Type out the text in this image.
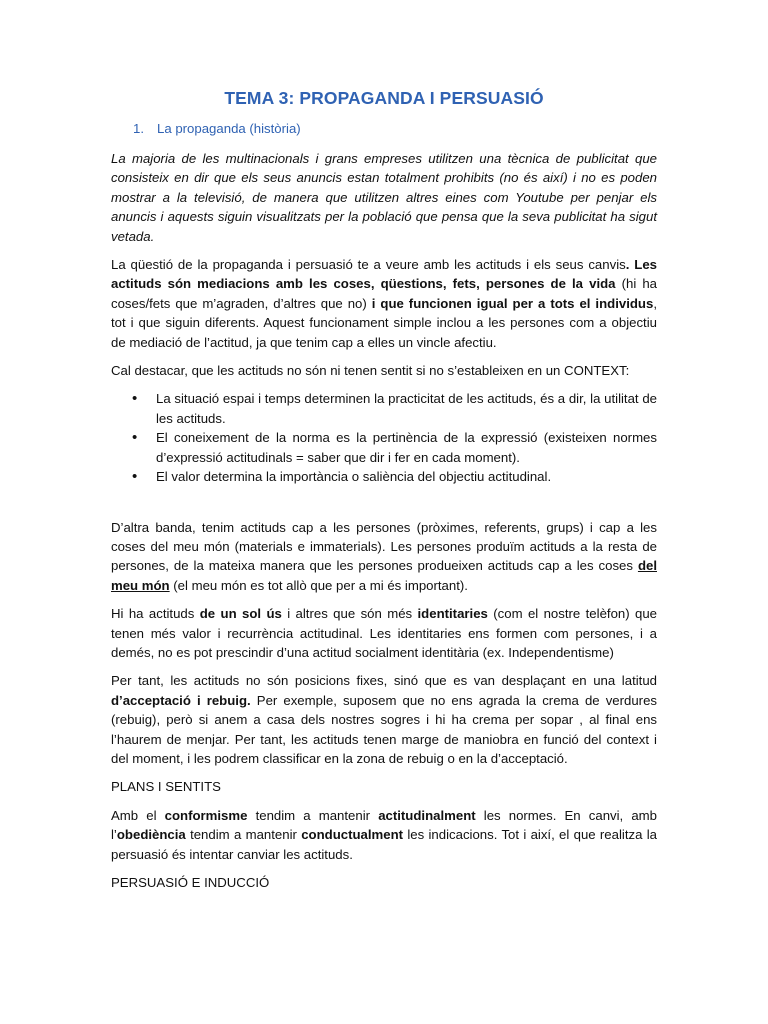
TEMA 3: PROPAGANDA I PERSUASIÓ
1. La propaganda (història)

La majoria de les multinacionals i grans empreses utilitzen una tècnica de publicitat que consisteix en dir que els seus anuncis estan totalment prohibits (no és així) i no es poden mostrar a la televisió, de manera que utilitzen altres eines com Youtube per penjar els anuncis i aquests siguin visualitzats per la població que pensa que la seva publicitat ha sigut vetada.

La qüestió de la propaganda i persuasió te a veure amb les actituds i els seus canvis. Les actituds són mediacions amb les coses, qüestions, fets, persones de la vida (hi ha coses/fets que m’agraden, d’altres que no) i que funcionen igual per a tots el individus, tot i que siguin diferents. Aquest funcionament simple inclou a les persones com a objectiu de mediació de l’actitud, ja que tenim cap a elles un vincle afectiu.

Cal destacar, que les actituds no són ni tenen sentit si no s’estableixen en un CONTEXT:

• La situació espai i temps determinen la practicitat de les actituds, és a dir, la utilitat de les actituds.
• El coneixement de la norma es la pertinència de la expressió (existeixen normes d’expressió actitudinals = saber que dir i fer en cada moment).
• El valor determina la importància o saliència del objectiu actitudinal.

D’altra banda, tenim actituds cap a les persones (pròximes, referents, grups) i cap a les coses del meu món (materials e immaterials). Les persones produïm actituds a la resta de persones, de la mateixa manera que les persones produeixen actituds cap a les coses del meu món (el meu món es tot allò que per a mi és important).

Hi ha actituds de un sol ús i altres que són més identitaries (com el nostre telèfon) que tenen més valor i recurrència actitudinal. Les identitaries ens formen com persones, i a demés, no es pot prescindir d’una actitud socialment identitària (ex. Independentisme)

Per tant, les actituds no són posicions fixes, sinó que es van desplaçant en una latitud d’acceptació i rebuig. Per exemple, suposem que no ens agrada la crema de verdures (rebuig), però si anem a casa dels nostres sogres i hi ha crema per sopar , al final ens l’haurem de menjar. Per tant, les actituds tenen marge de maniobra en funció del context i del moment, i les podrem classificar en la zona de rebuig o en la d’acceptació.

PLANS I SENTITS

Amb el conformisme tendim a mantenir actitudinalment les normes. En canvi, amb l’obediència tendim a mantenir conductualment les indicacions. Tot i així, el que realitza la persuasió és intentar canviar les actituds.

PERSUASIÓ E INDUCCIÓ
